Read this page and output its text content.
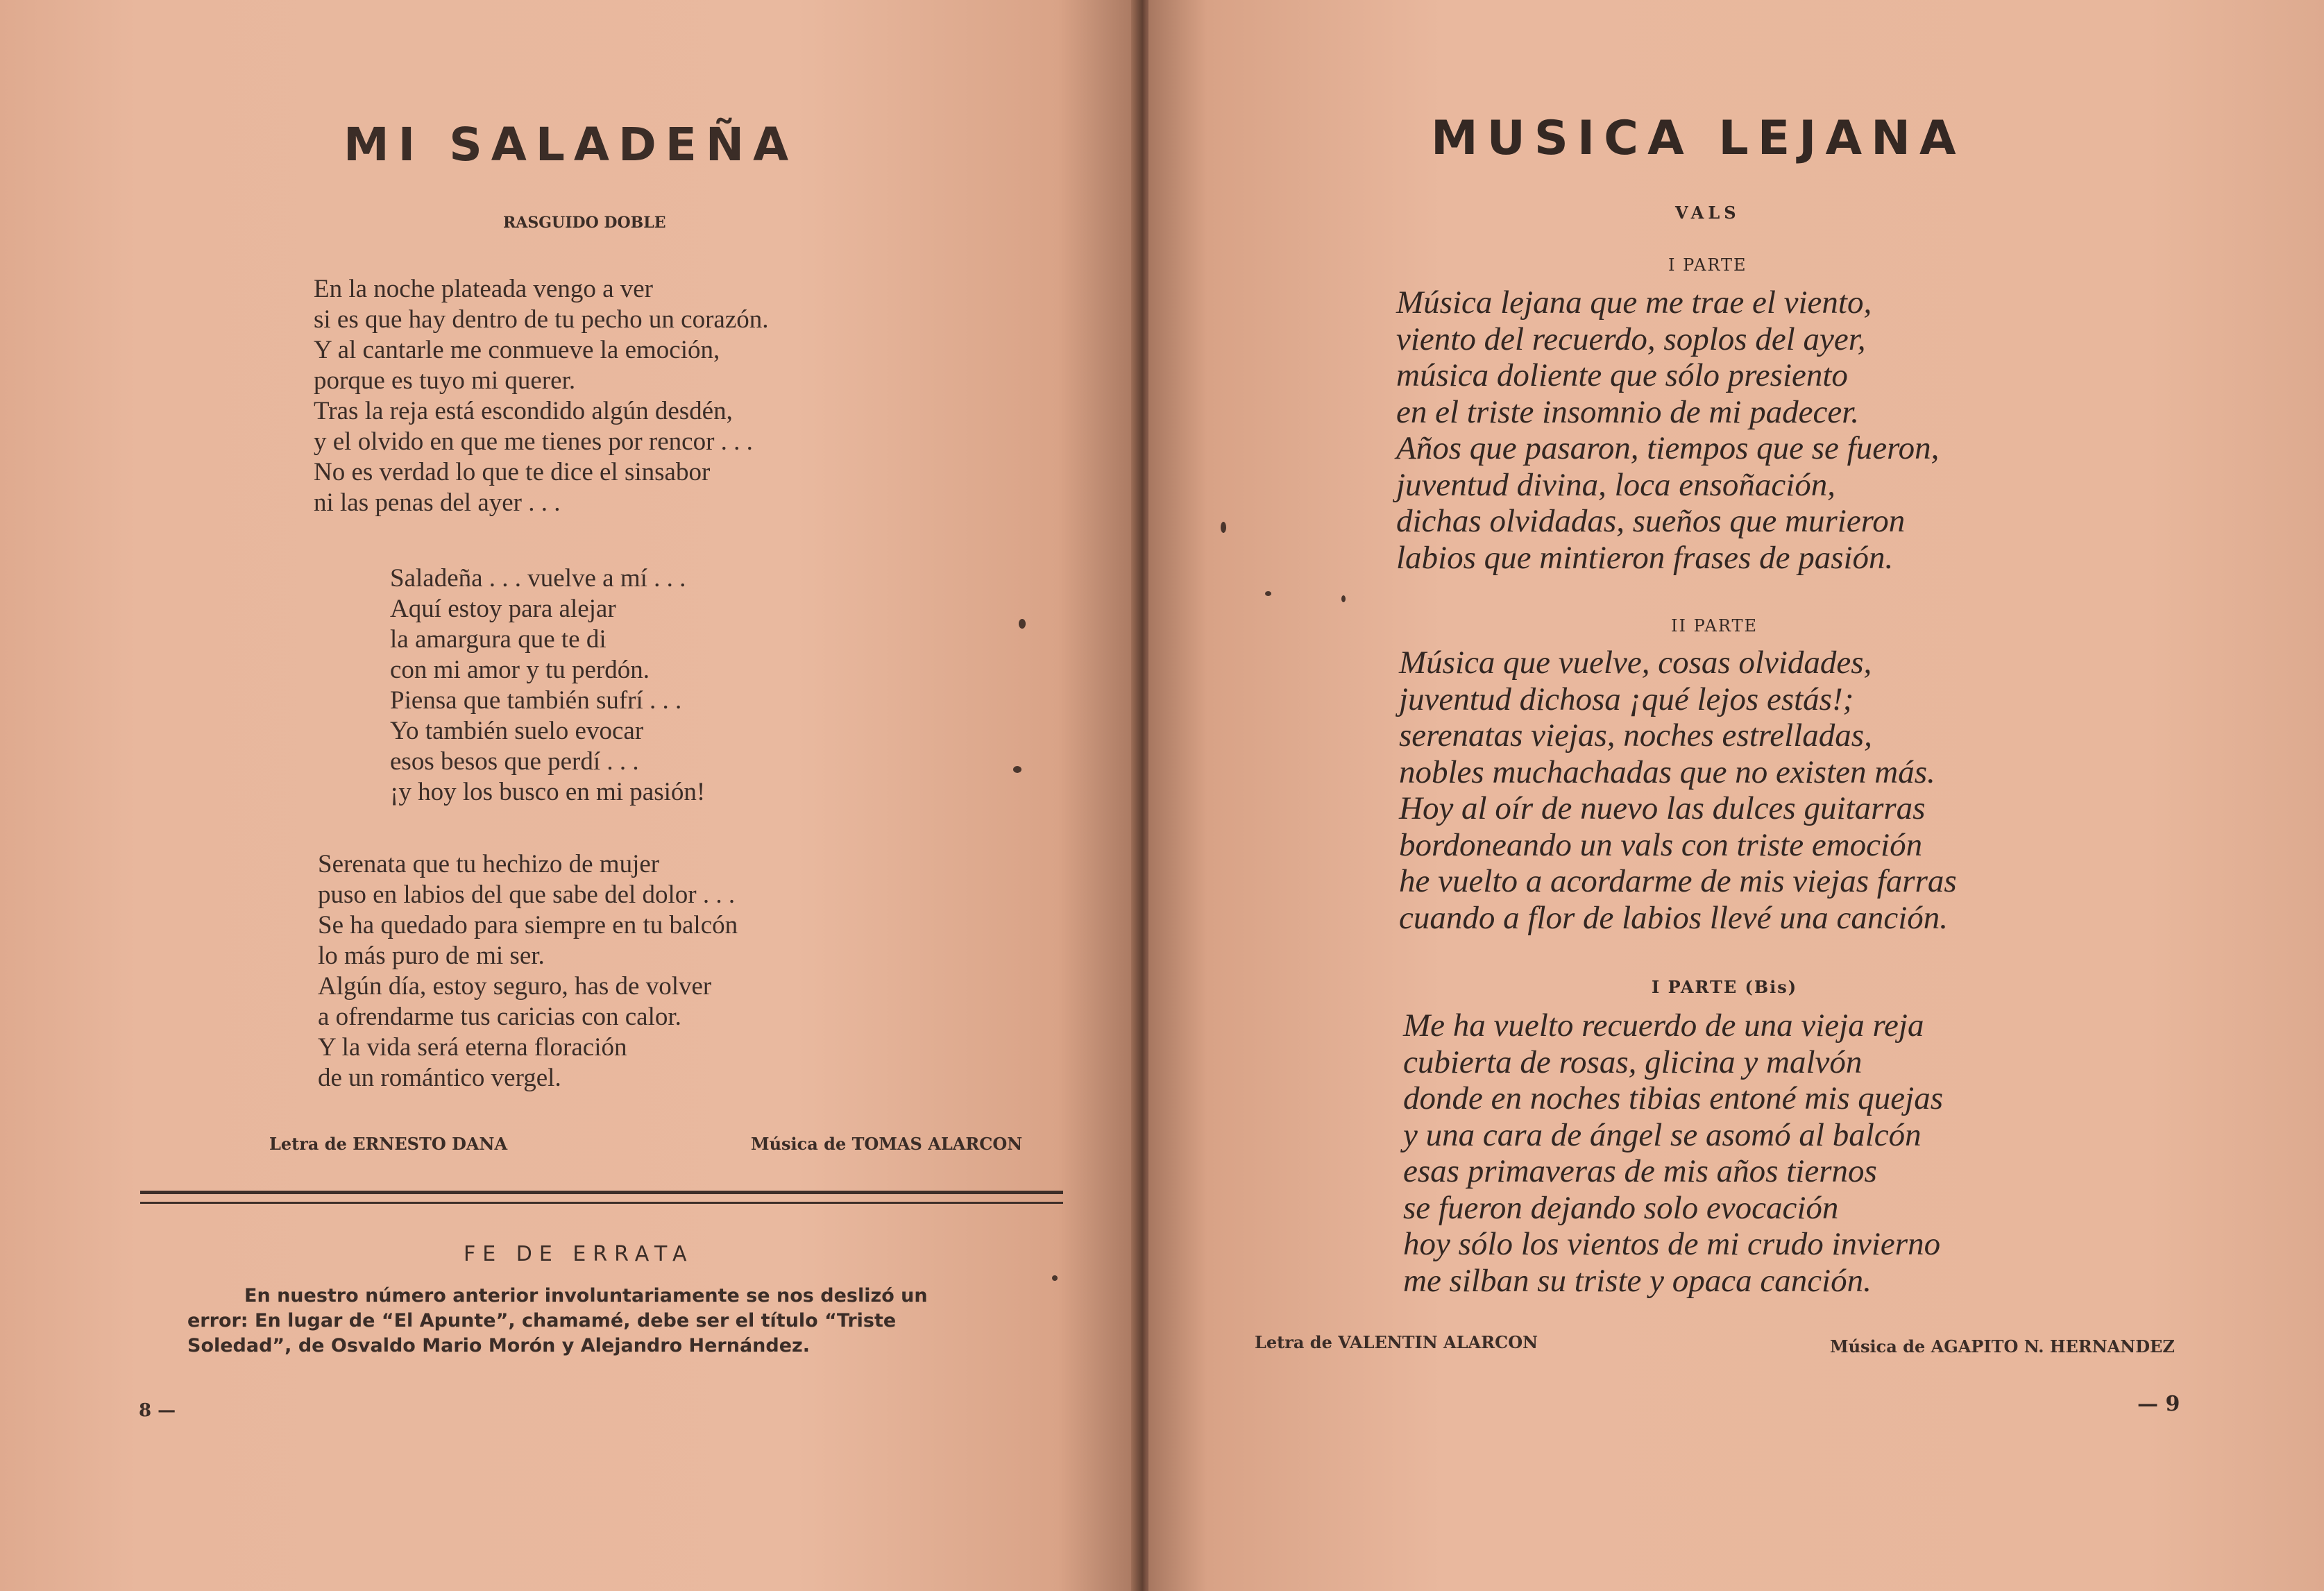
MI SALADEÑA
RASGUIDO DOBLE
En la noche plateada vengo a ver
si es que hay dentro de tu pecho un corazón.
Y al cantarle me conmueve la emoción,
porque es tuyo mi querer.
Tras la reja está escondido algún desdén,
y el olvido en que me tienes por rencor . . .
No es verdad lo que te dice el sinsabor
ni las penas del ayer . . .
Saladeña . . . vuelve a mí . . .
Aquí estoy para alejar
la amargura que te di
con mi amor y tu perdón.
Piensa que también sufrí . . .
Yo también suelo evocar
esos besos que perdí . . .
¡y hoy los busco en mi pasión!
Serenata que tu hechizo de mujer
puso en labios del que sabe del dolor . . .
Se ha quedado para siempre en tu balcón
lo más puro de mi ser.
Algún día, estoy seguro, has de volver
a ofrendarme tus caricias con calor.
Y la vida será eterna floración
de un romántico vergel.
Letra de ERNESTO DANA	Música de TOMAS ALARCON
FE DE ERRATA
En nuestro número anterior involuntariamente se nos deslizó un
error: En lugar de “El Apunte”, chamamé, debe ser el título “Triste
Soledad”, de Osvaldo Mario Morón y Alejandro Hernández.
8 —
MUSICA LEJANA
VALS
I PARTE
Música lejana que me trae el viento,
viento del recuerdo, soplos del ayer,
música doliente que sólo presiento
en el triste insomnio de mi padecer.
Años que pasaron, tiempos que se fueron,
juventud divina, loca ensoñación,
dichas olvidadas, sueños que murieron
labios que mintieron frases de pasión.
II PARTE
Música que vuelve, cosas olvidades,
juventud dichosa ¡qué lejos estás!;
serenatas viejas, noches estrelladas,
nobles muchachadas que no existen más.
Hoy al oír de nuevo las dulces guitarras
bordoneando un vals con triste emoción
he vuelto a acordarme de mis viejas farras
cuando a flor de labios llevé una canción.
I PARTE (Bis)
Me ha vuelto recuerdo de una vieja reja
cubierta de rosas, glicina y malvón
donde en noches tibias entoné mis quejas
y una cara de ángel se asomó al balcón
esas primaveras de mis años tiernos
se fueron dejando solo evocación
hoy sólo los vientos de mi crudo invierno
me silban su triste y opaca canción.
Letra de VALENTIN ALARCON	Música de AGAPITO N. HERNANDEZ
— 9
